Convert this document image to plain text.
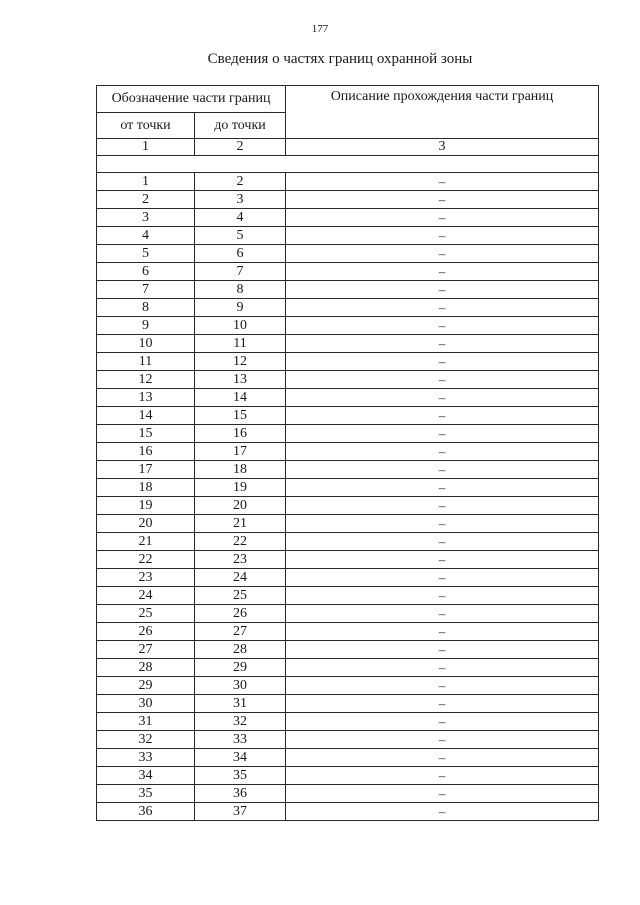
177
Сведения о частях границ охранной зоны
Обозначение части границ		Описание прохождения части границ
от точки	до точки	
1	2	3

1	2	–
2	3	–
3	4	–
4	5	–
5	6	–
6	7	–
7	8	–
8	9	–
9	10	–
10	11	–
11	12	–
12	13	–
13	14	–
14	15	–
15	16	–
16	17	–
17	18	–
18	19	–
19	20	–
20	21	–
21	22	–
22	23	–
23	24	–
24	25	–
25	26	–
26	27	–
27	28	–
28	29	–
29	30	–
30	31	–
31	32	–
32	33	–
33	34	–
34	35	–
35	36	–
36	37	–
